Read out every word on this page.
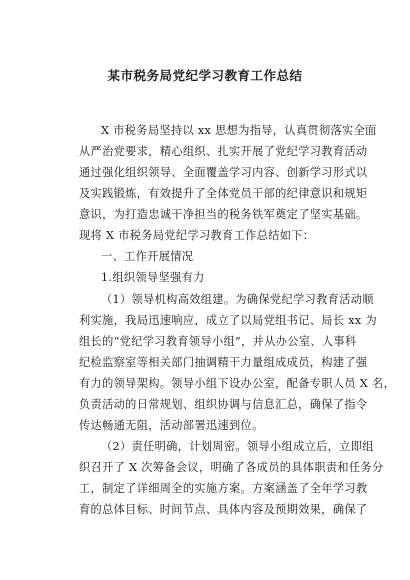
某市税务局党纪学习教育工作总结
X 市税务局坚持以 xx 思想为指导，认真贯彻落实全面
从严治党要求，精心组织、扎实开展了党纪学习教育活动
通过强化组织领导、全面覆盖学习内容、创新学习形式以
及实践锻炼，有效提升了全体党员干部的纪律意识和规矩
意识，为打造忠诚干净担当的税务铁军奠定了坚实基础。
现将 X 市税务局党纪学习教育工作总结如下：
一、工作开展情况
1.组织领导坚强有力
（1）领导机构高效组建。为确保党纪学习教育活动顺
利实施，我局迅速响应，成立了以局党组书记、局长 xx 为
组长的“党纪学习教育领导小组”，并从办公室、人事科
纪检监察室等相关部门抽调精干力量组成成员，构建了强
有力的领导架构。领导小组下设办公室，配备专职人员 X 名，
负责活动的日常规划、组织协调与信息汇总，确保了指令
传达畅通无阻，活动部署迅速到位。
（2）责任明确，计划周密。领导小组成立后，立即组
织召开了 X 次筹备会议，明确了各成员的具体职责和任务分
工，制定了详细周全的实施方案。方案涵盖了全年学习教
育的总体目标、时间节点、具体内容及预期效果，确保了
